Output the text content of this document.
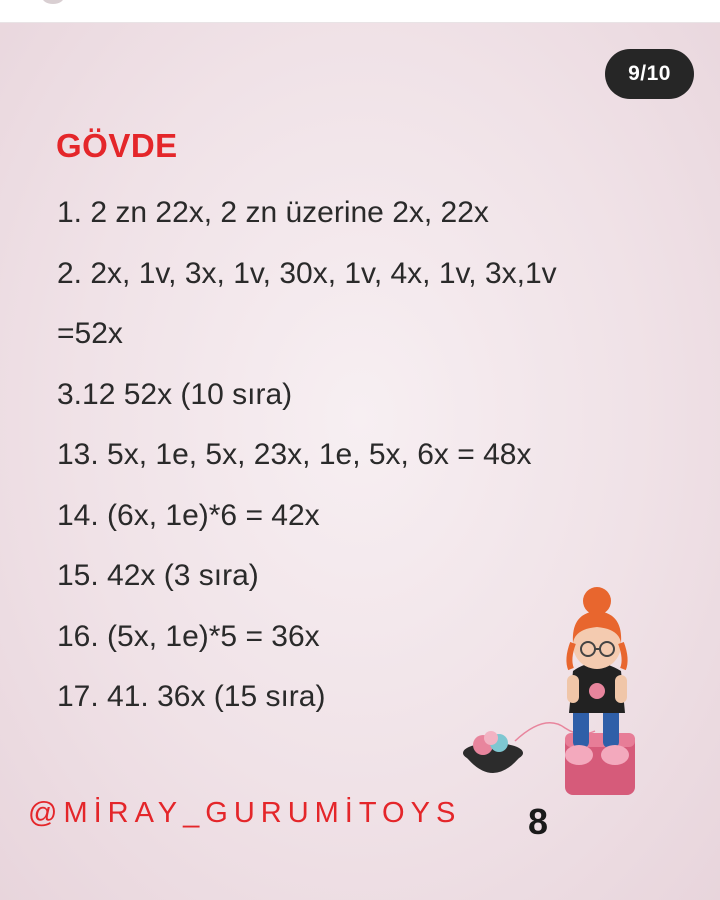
9/10
GÖVDE
1. 2 zn 22x, 2 zn üzerine 2x, 22x
2. 2x, 1v, 3x, 1v, 30x, 1v, 4x, 1v, 3x,1v
=52x
3.12 52x (10 sıra)
13. 5x, 1e, 5x, 23x, 1e, 5x, 6x = 48x
14. (6x, 1e)*6 = 42x
15. 42x (3 sıra)
16. (5x, 1e)*5 = 36x
17. 41. 36x (15 sıra)
@MİRAY_GURUMİTOYS 8
